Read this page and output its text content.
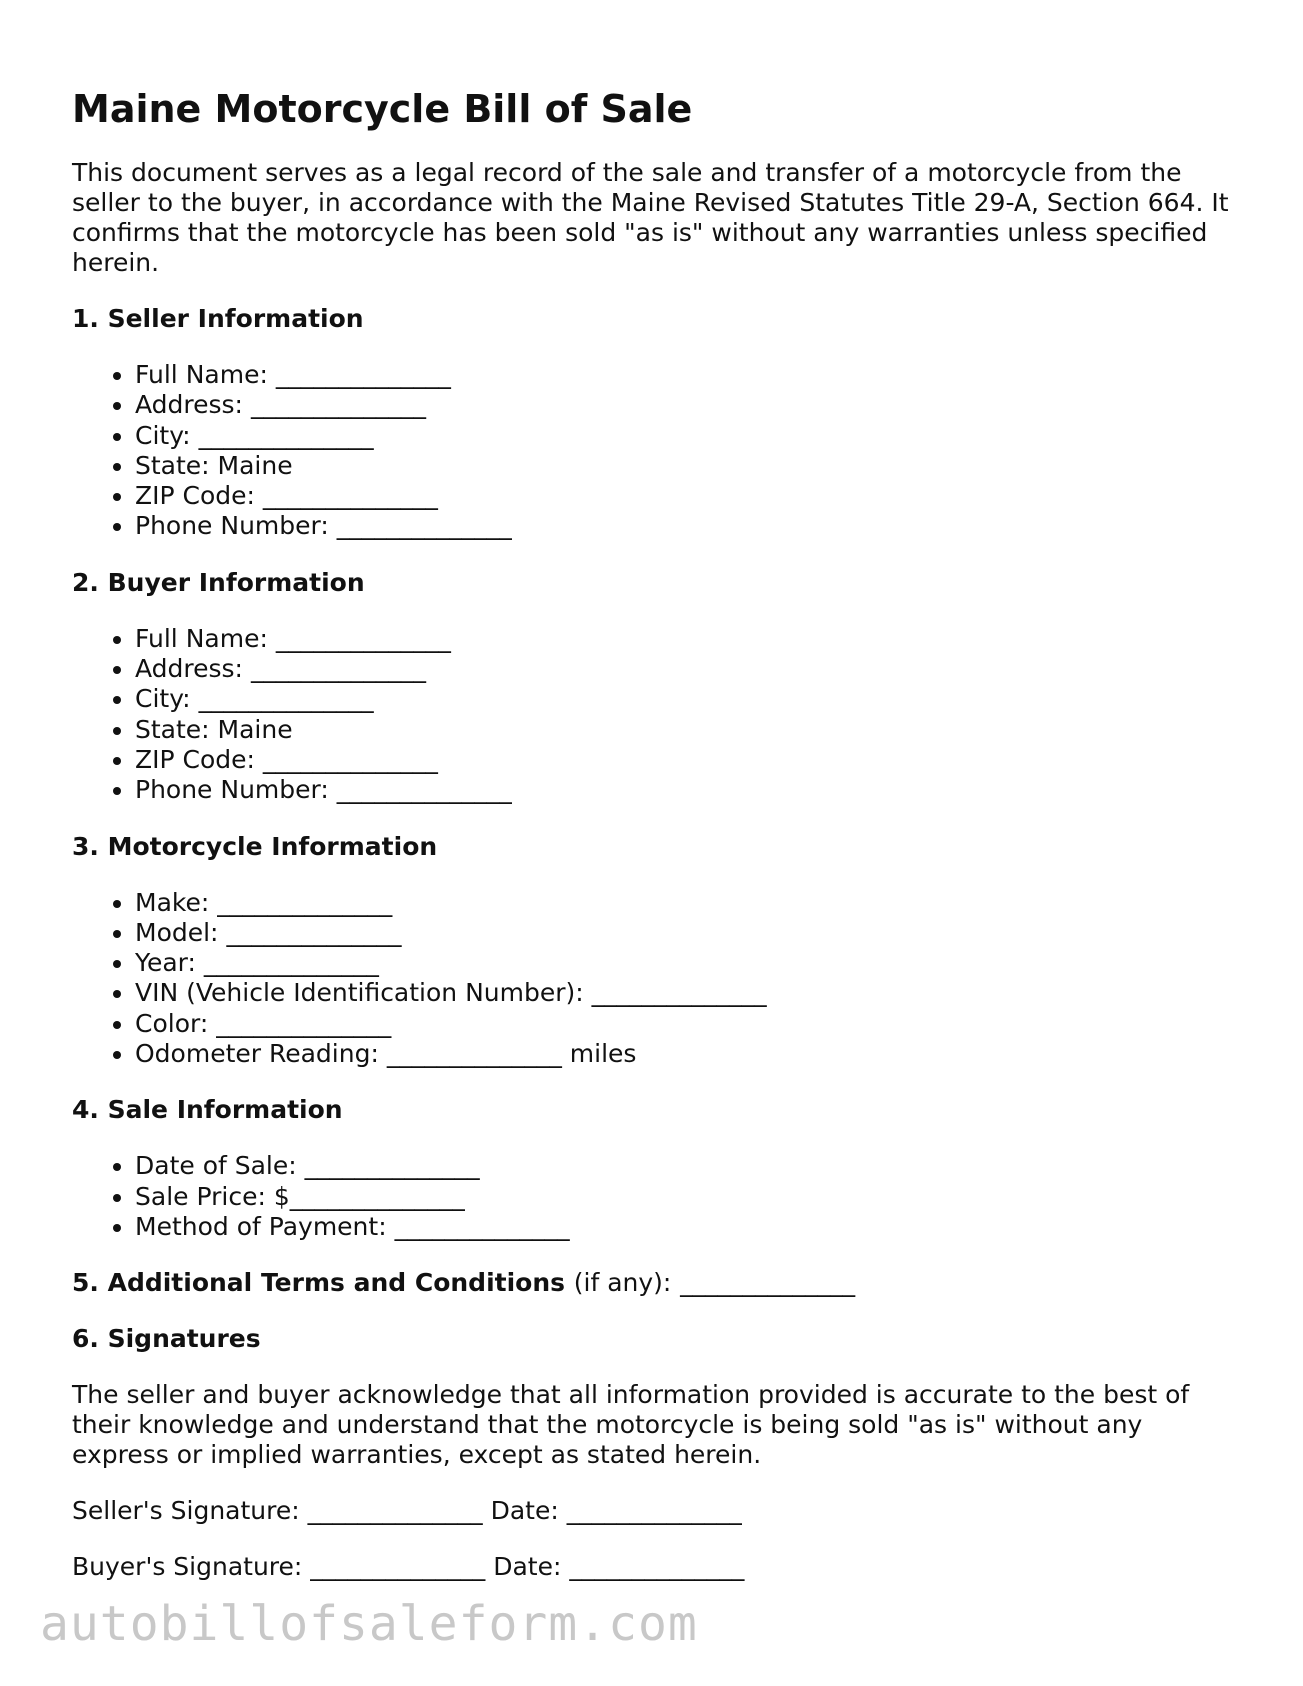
Maine Motorcycle Bill of Sale

This document serves as a legal record of the sale and transfer of a motorcycle from the seller to the buyer, in accordance with the Maine Revised Statutes Title 29-A, Section 664. It confirms that the motorcycle has been sold "as is" without any warranties unless specified herein.

1. Seller Information
• Full Name: ______________
• Address: ______________
• City: ______________
• State: Maine
• ZIP Code: ______________
• Phone Number: ______________
2. Buyer Information
• Full Name: ______________
• Address: ______________
• City: ______________
• State: Maine
• ZIP Code: ______________
• Phone Number: ______________
3. Motorcycle Information
• Make: ______________
• Model: ______________
• Year: ______________
• VIN (Vehicle Identification Number): ______________
• Color: ______________
• Odometer Reading: ______________ miles
4. Sale Information
• Date of Sale: ______________
• Sale Price: $______________
• Method of Payment: ______________
5. Additional Terms and Conditions (if any): ______________
6. Signatures

The seller and buyer acknowledge that all information provided is accurate to the best of their knowledge and understand that the motorcycle is being sold "as is" without any express or implied warranties, except as stated herein.

Seller's Signature: ______________ Date: ______________
Buyer's Signature: ______________ Date: ______________
autobillofsaleform.com
